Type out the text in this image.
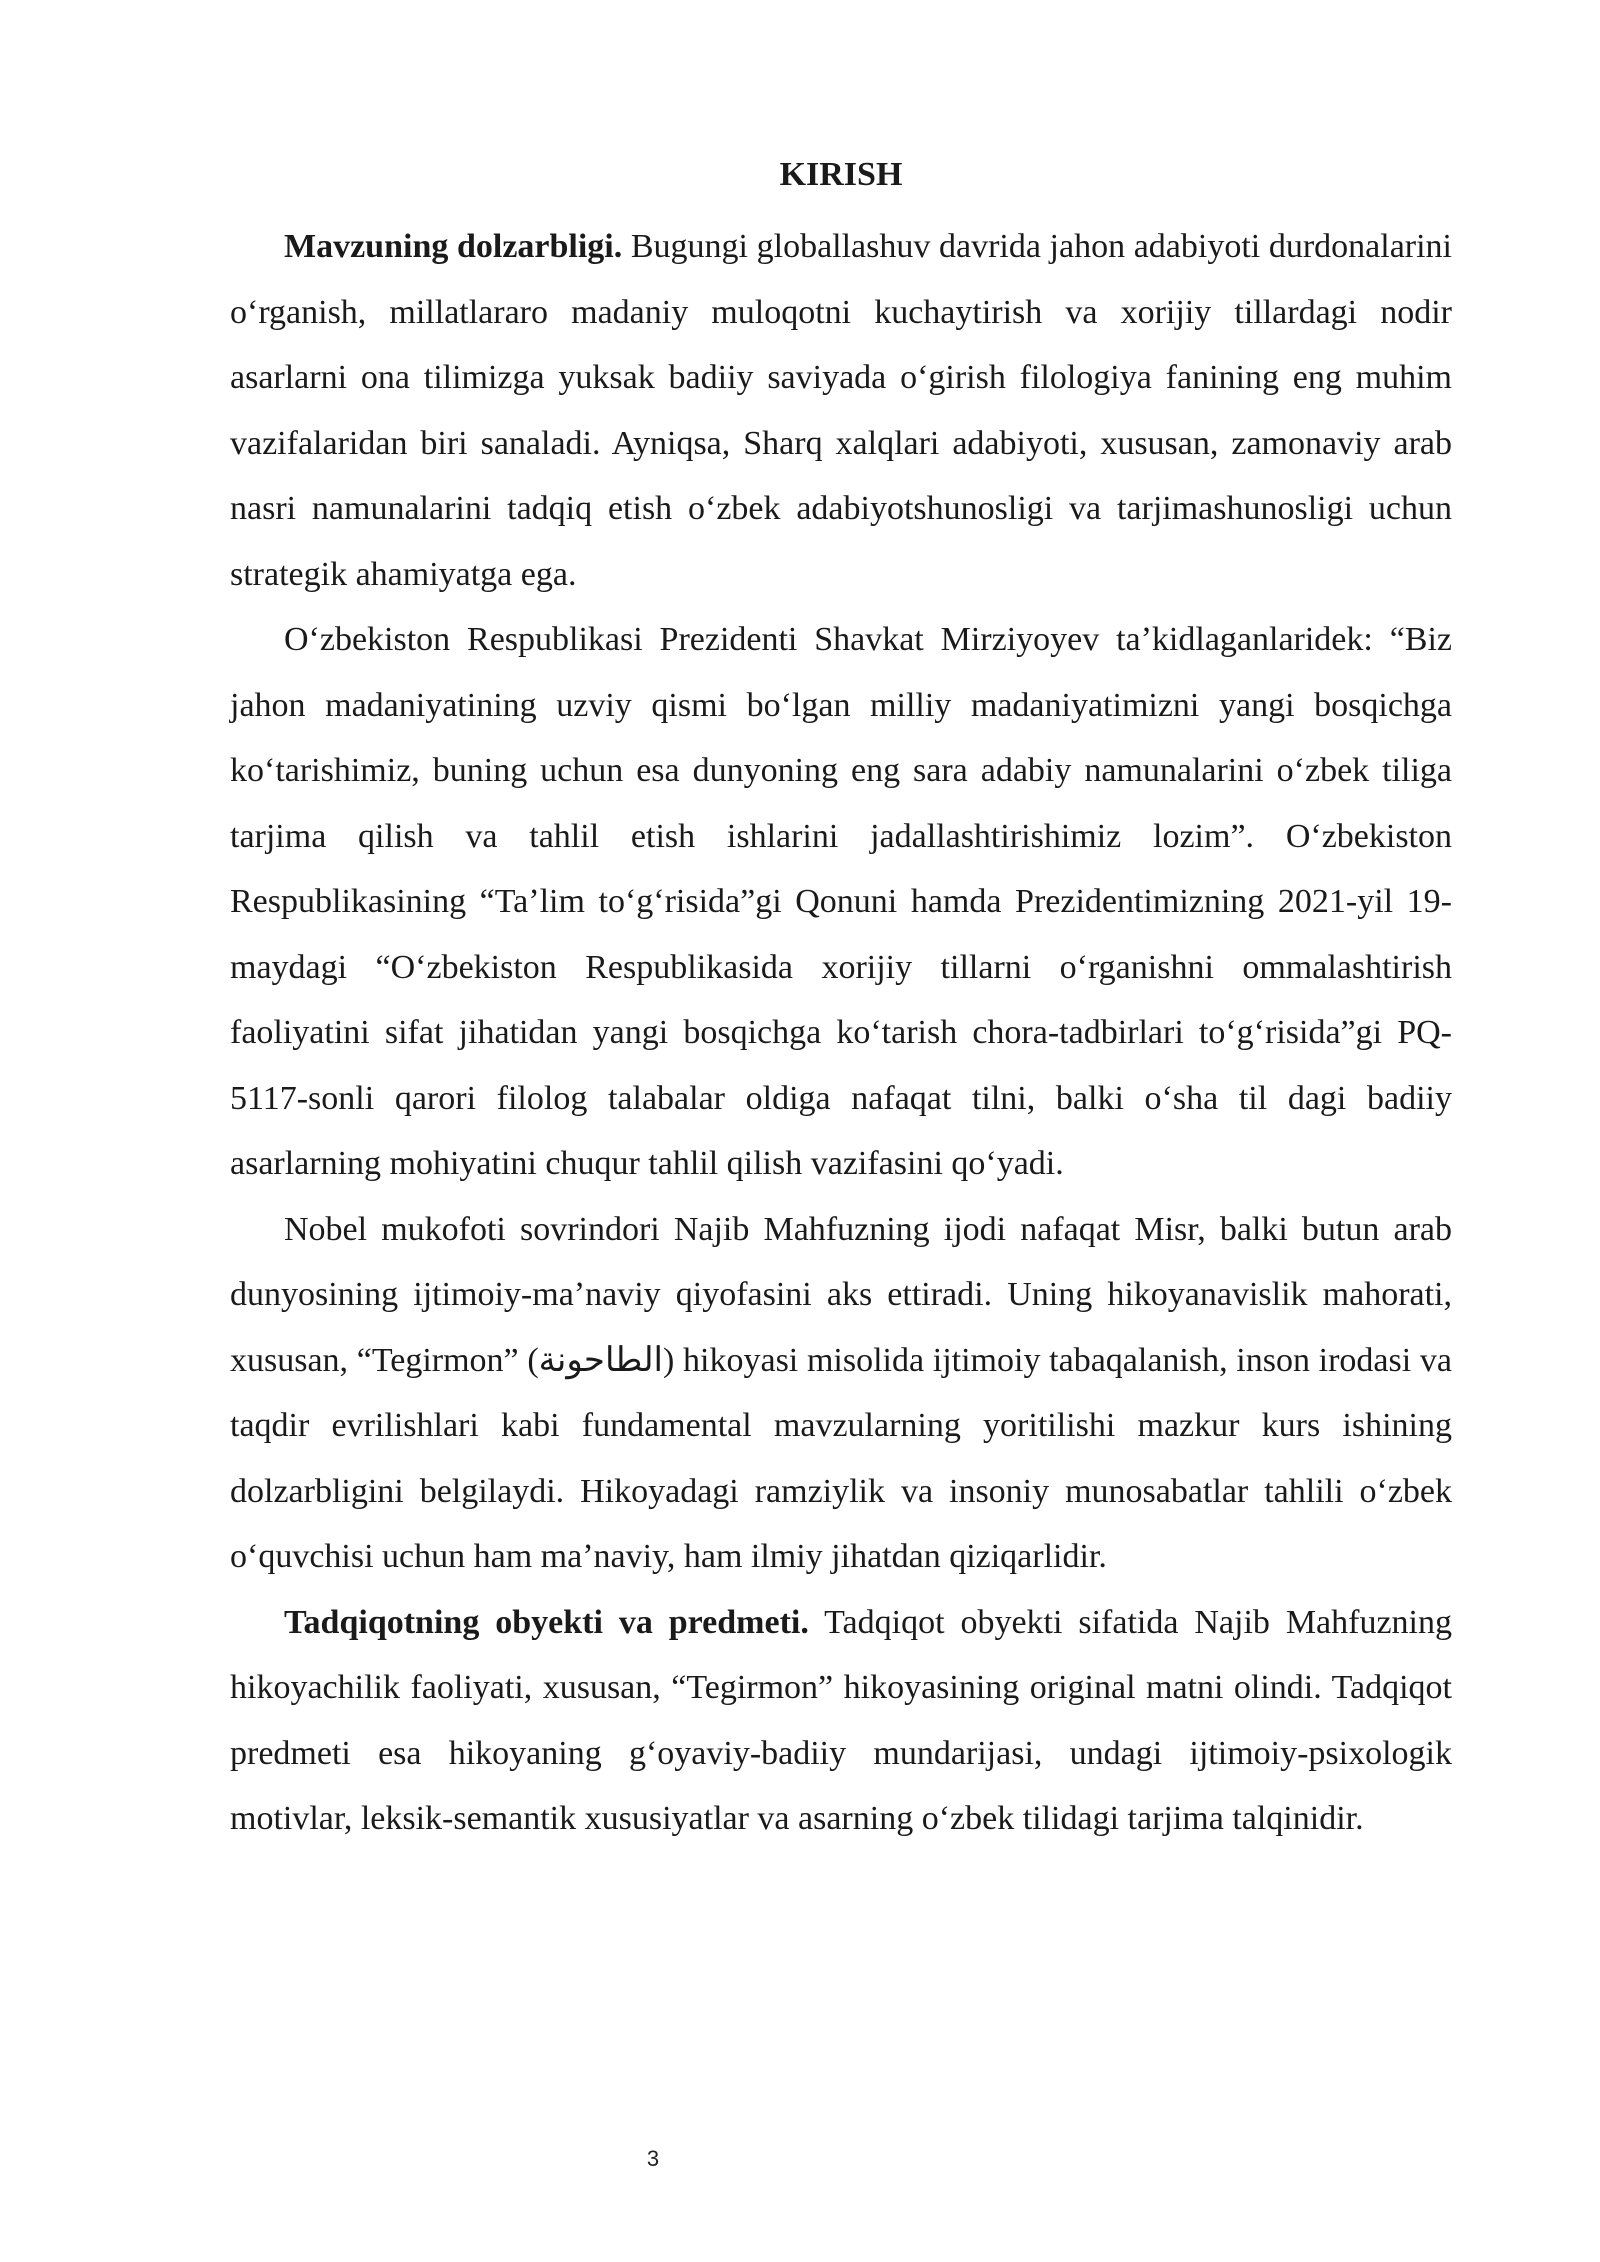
KIRISH

Mavzuning dolzarbligi. Bugungi globallashuv davrida jahon adabiyoti durdonalarini oʻrganish, millatlararo madaniy muloqotni kuchaytirish va xorijiy tillardagi nodir asarlarni ona tilimizga yuksak badiiy saviyada oʻgirish filologiya fanining eng muhim vazifalaridan biri sanaladi. Ayniqsa, Sharq xalqlari adabiyoti, xususan, zamonaviy arab nasri namunalarini tadqiq etish oʻzbek adabiyotshunosligi va tarjimashunosligi uchun strategik ahamiyatga ega.

Oʻzbekiston Respublikasi Prezidenti Shavkat Mirziyoyev taʼkidlaganlaridek: “Biz jahon madaniyatining uzviy qismi boʻlgan milliy madaniyatimizni yangi bosqichga koʻtarishimiz, buning uchun esa dunyoning eng sara adabiy namunalarini oʻzbek tiliga tarjima qilish va tahlil etish ishlarini jadallashtirishimiz lozim”. Oʻzbekiston Respublikasining “Taʼlim toʻgʻrisida”gi Qonuni hamda Prezidentimizning 2021-yil 19-maydagi “Oʻzbekiston Respublikasida xorijiy tillarni oʻrganishni ommalashtirish faoliyatini sifat jihatidan yangi bosqichga koʻtarish chora-tadbirlari toʻgʻrisida”gi PQ-5117-sonli qarori filolog talabalar oldiga nafaqat tilni, balki oʻsha til dagi badiiy asarlarning mohiyatini chuqur tahlil qilish vazifasini qoʻyadi.

Nobel mukofoti sovrindori Najib Mahfuzning ijodi nafaqat Misr, balki butun arab dunyosining ijtimoiy-maʼnaviy qiyofasini aks ettiradi. Uning hikoyanavislik mahorati, xususan, “Tegirmon” (الطاحونة) hikoyasi misolida ijtimoiy tabaqalanish, inson irodasi va taqdir evrilishlari kabi fundamental mavzularning yoritilishi mazkur kurs ishining dolzarbligini belgilaydi. Hikoyadagi ramziylik va insoniy munosabatlar tahlili oʻzbek oʻquvchisi uchun ham maʼnaviy, ham ilmiy jihatdan qiziqarlidir.

Tadqiqotning obyekti va predmeti. Tadqiqot obyekti sifatida Najib Mahfuzning hikoyachilik faoliyati, xususan, “Tegirmon” hikoyasining original matni olindi. Tadqiqot predmeti esa hikoyaning gʻoyaviy-badiiy mundarijasi, undagi ijtimoiy-psixologik motivlar, leksik-semantik xususiyatlar va asarning oʻzbek tilidagi tarjima talqinidir.

3
